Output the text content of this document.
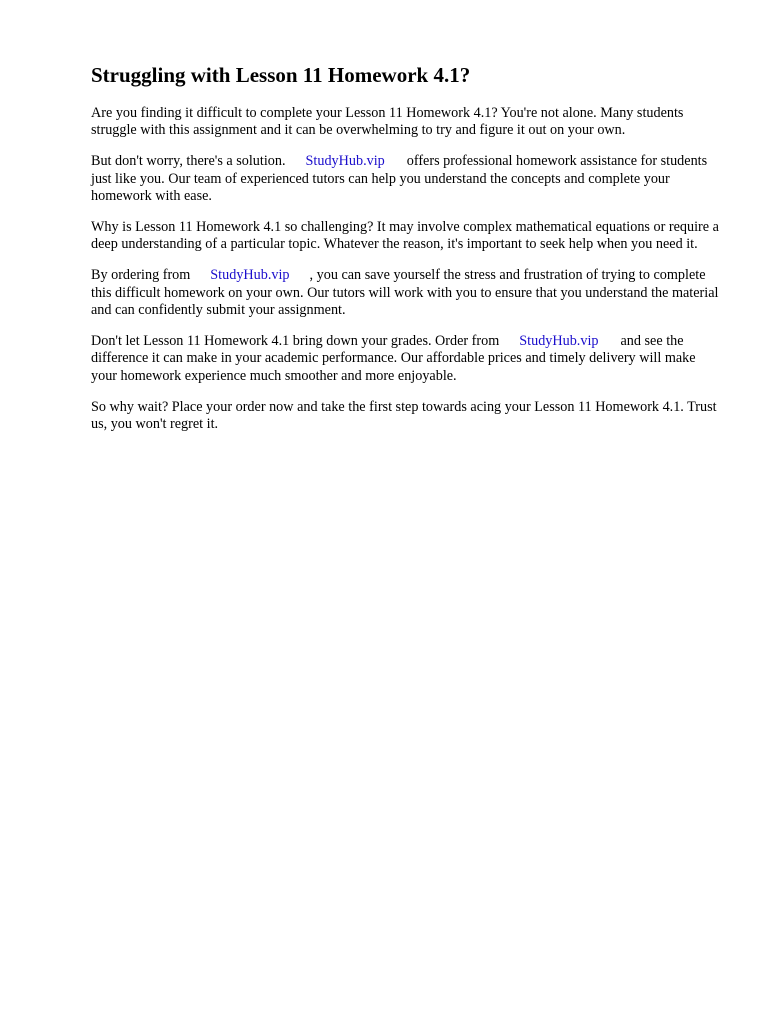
Struggling with Lesson 11 Homework 4.1?

Are you finding it difficult to complete your Lesson 11 Homework 4.1? You're not alone. Many students struggle with this assignment and it can be overwhelming to try and figure it out on your own.

But don't worry, there's a solution. StudyHub.vip offers professional homework assistance for students just like you. Our team of experienced tutors can help you understand the concepts and complete your homework with ease.

Why is Lesson 11 Homework 4.1 so challenging? It may involve complex mathematical equations or require a deep understanding of a particular topic. Whatever the reason, it's important to seek help when you need it.

By ordering from StudyHub.vip , you can save yourself the stress and frustration of trying to complete this difficult homework on your own. Our tutors will work with you to ensure that you understand the material and can confidently submit your assignment.

Don't let Lesson 11 Homework 4.1 bring down your grades. Order from StudyHub.vip and see the difference it can make in your academic performance. Our affordable prices and timely delivery will make your homework experience much smoother and more enjoyable.

So why wait? Place your order now and take the first step towards acing your Lesson 11 Homework 4.1. Trust us, you won't regret it.
